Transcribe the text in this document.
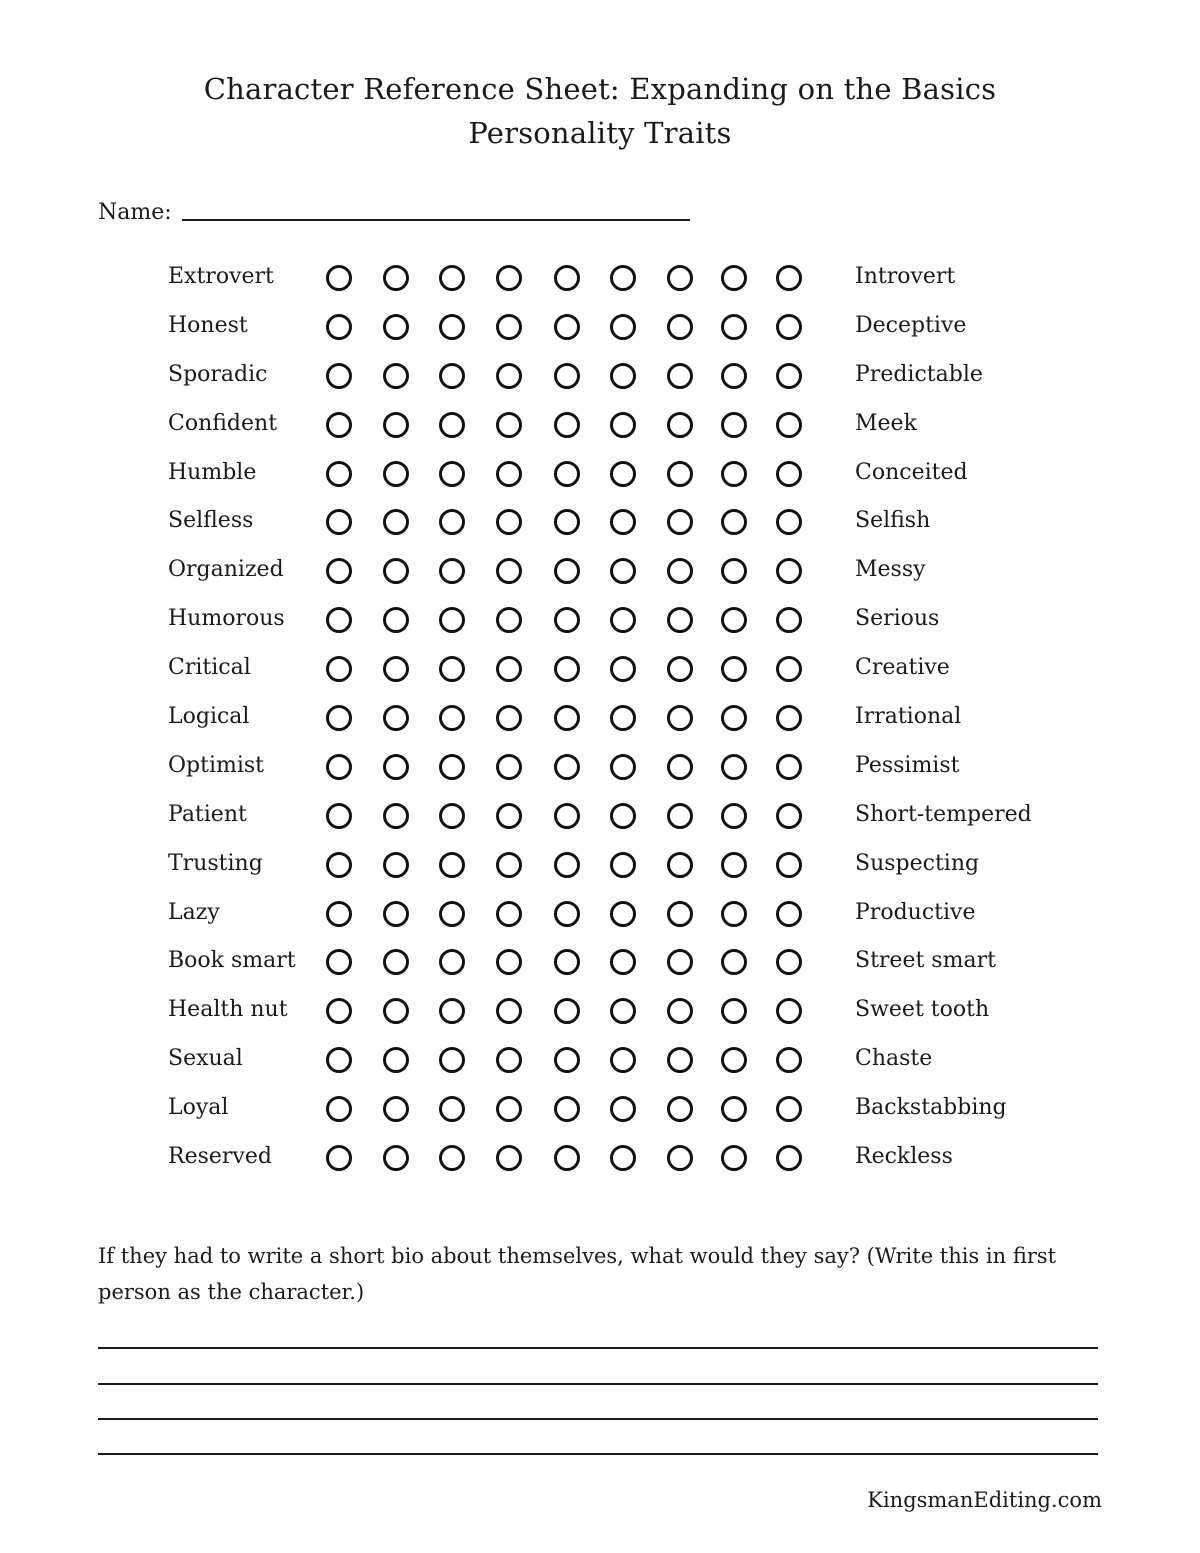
Character Reference Sheet: Expanding on the Basics
Personality Traits
Name:
Extrovert	Introvert
Honest	Deceptive
Sporadic	Predictable
Confident	Meek
Humble	Conceited
Selfless	Selfish
Organized	Messy
Humorous	Serious
Critical	Creative
Logical	Irrational
Optimist	Pessimist
Patient	Short-tempered
Trusting	Suspecting
Lazy	Productive
Book smart	Street smart
Health nut	Sweet tooth
Sexual	Chaste
Loyal	Backstabbing
Reserved	Reckless
If they had to write a short bio about themselves, what would they say? (Write this in first person as the character.)
KingsmanEditing.com
